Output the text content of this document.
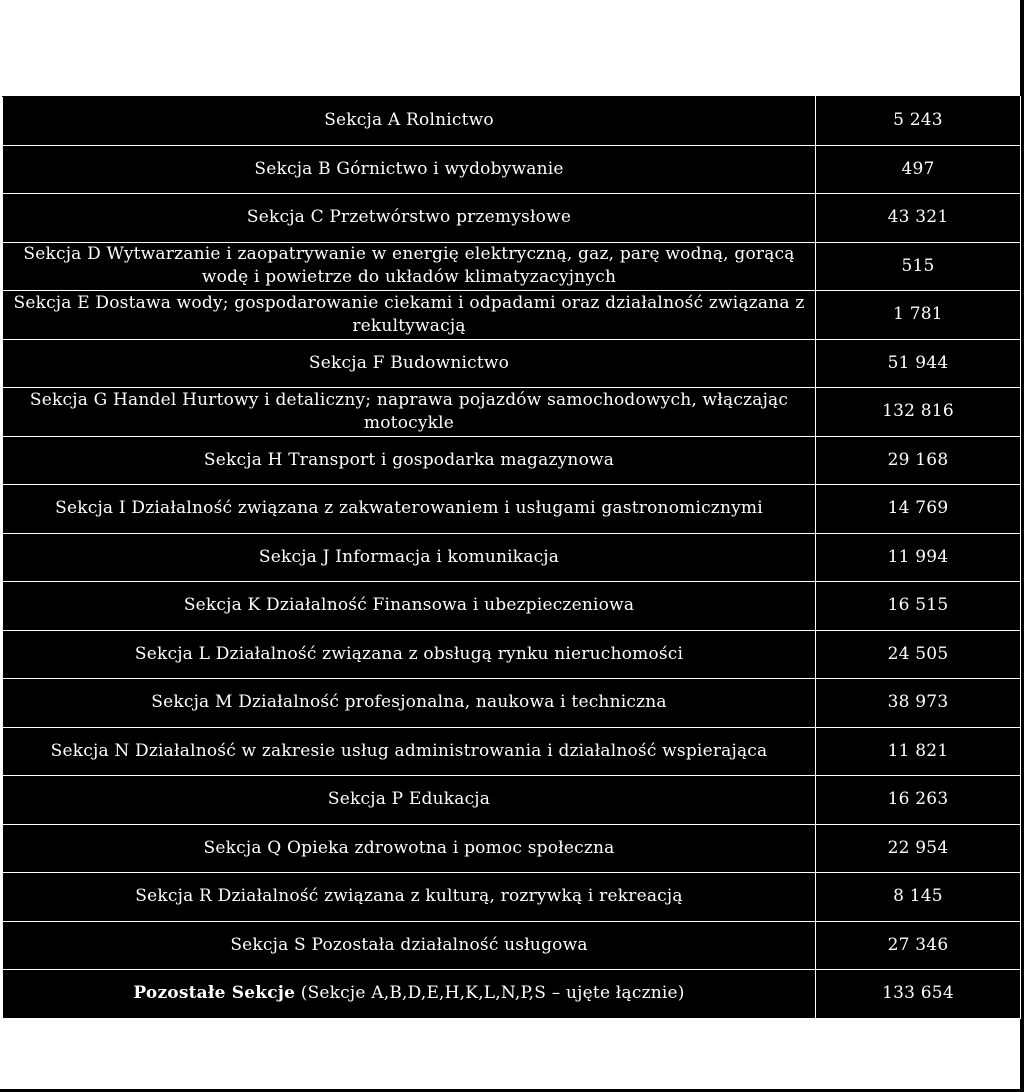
Sekcja A Rolnictwo	5 243
Sekcja B Górnictwo i wydobywanie	497
Sekcja C Przetwórstwo przemysłowe	43 321
Sekcja D Wytwarzanie i zaopatrywanie w energię elektryczną, gaz, parę wodną, gorącą wodę i powietrze do układów klimatyzacyjnych	515
Sekcja E Dostawa wody; gospodarowanie ciekami i odpadami oraz działalność związana z rekultywacją	1 781
Sekcja F Budownictwo	51 944
Sekcja G Handel Hurtowy i detaliczny; naprawa pojazdów samochodowych, włączając motocykle	132 816
Sekcja H Transport i gospodarka magazynowa	29 168
Sekcja I Działalność związana z zakwaterowaniem i usługami gastronomicznymi	14 769
Sekcja J Informacja i komunikacja	11 994
Sekcja K Działalność Finansowa i ubezpieczeniowa	16 515
Sekcja L Działalność związana z obsługą rynku nieruchomości	24 505
Sekcja M Działalność profesjonalna, naukowa i techniczna	38 973
Sekcja N Działalność w zakresie usług administrowania i działalność wspierająca	11 821
Sekcja P Edukacja	16 263
Sekcja Q Opieka zdrowotna i pomoc społeczna	22 954
Sekcja R Działalność związana z kulturą, rozrywką i rekreacją	8 145
Sekcja S Pozostała działalność usługowa	27 346
Pozostałe Sekcje (Sekcje A,B,D,E,H,K,L,N,P,S – ujęte łącznie)	133 654
